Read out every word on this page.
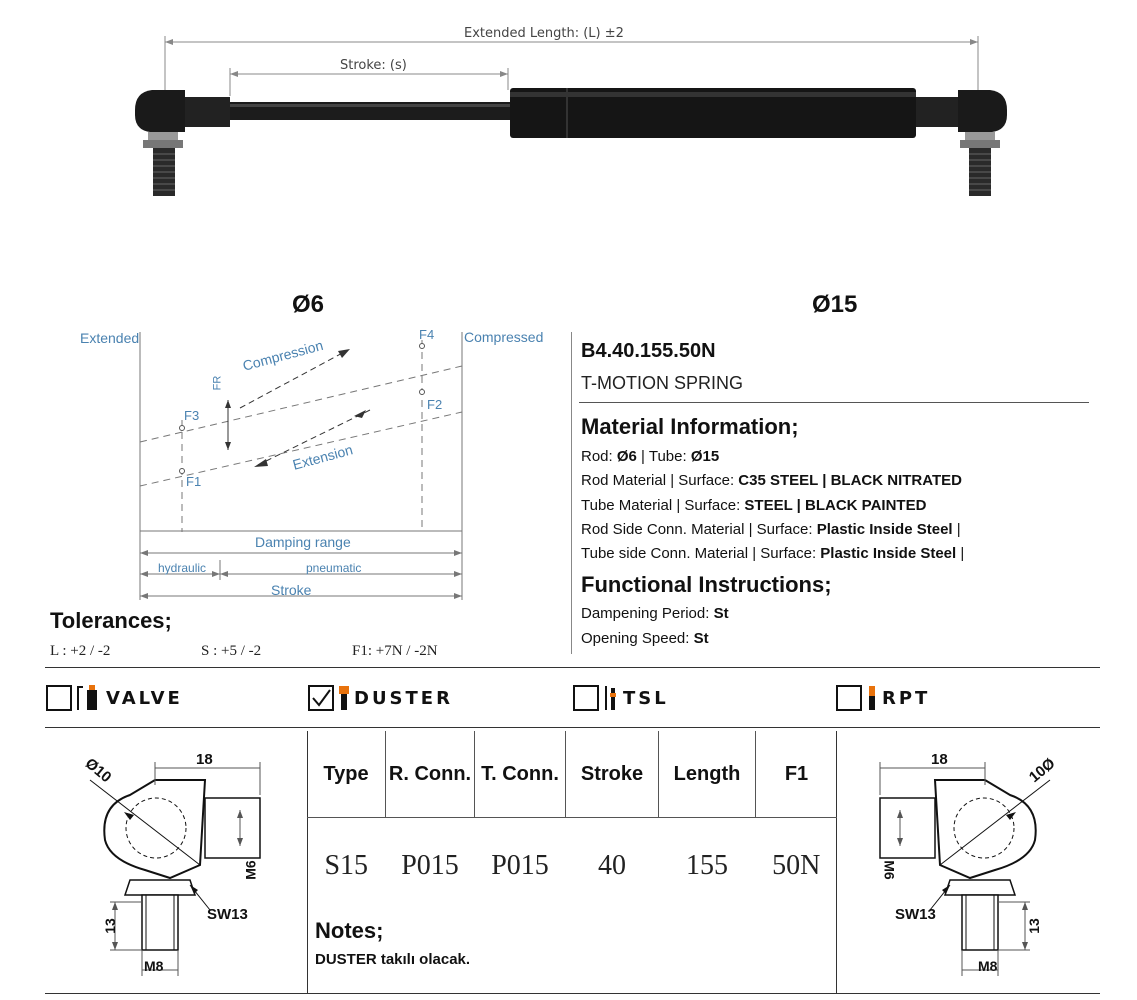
Extended Length: (L) ±2
Stroke: (s)
Ø6	Ø15
Extended	Compressed
F4
F2
F3
F1
FR
Compression
Extension
Damping range
hydraulic	pneumatic
Stroke
B4.40.155.50N
T-MOTION SPRING
Material Information;
Rod: Ø6 | Tube: Ø15
Rod Material | Surface: C35 STEEL | BLACK NITRATED
Tube Material | Surface: STEEL | BLACK PAINTED
Rod Side Conn. Material | Surface: Plastic Inside Steel |
Tube side Conn. Material | Surface: Plastic Inside Steel |
Functional Instructions;
Dampening Period: St
Opening Speed: St
Tolerances;
L : +2 / -2	S : +5 / -2	F1: +7N / -2N
VALVE	DUSTER	TSL	RPT
Ø10	18
M6
SW13
13
M8
Type	R. Conn.	T. Conn.	Stroke	Length	F1
S15	P015	P015	40	155	50N
Notes;
DUSTER takılı olacak.
10Ø
18
M6
SW13
13
M8
